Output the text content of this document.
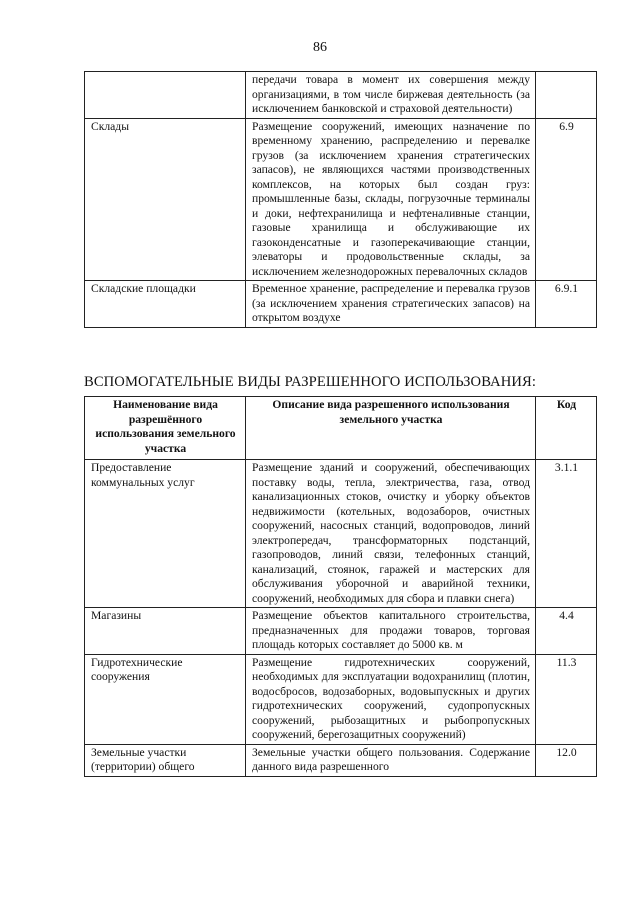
86
	передачи товара в момент их совершения между организациями, в том числе биржевая деятельность (за исключением банковской и страховой деятельности)	
Склады	Размещение сооружений, имеющих назначение по временному хранению, распределению и перевалке грузов (за исключением хранения стратегических запасов), не являющихся частями производственных комплексов, на которых был создан груз: промышленные базы, склады, погрузочные терминалы и доки, нефтехранилища и нефтеналивные станции, газовые хранилища и обслуживающие их газоконденсатные и газоперекачивающие станции, элеваторы и продовольственные склады, за исключением железнодорожных перевалочных складов	6.9
Складские площадки	Временное хранение, распределение и перевалка грузов (за исключением хранения стратегических запасов) на открытом воздухе	6.9.1
ВСПОМОГАТЕЛЬНЫЕ ВИДЫ РАЗРЕШЕННОГО ИСПОЛЬЗОВАНИЯ:
Наименование вида разрешённого использования земельного участка	Описание вида разрешенного использования земельного участка	Код
Предоставление коммунальных услуг	Размещение зданий и сооружений, обеспечивающих поставку воды, тепла, электричества, газа, отвод канализационных стоков, очистку и уборку объектов недвижимости (котельных, водозаборов, очистных сооружений, насосных станций, водопроводов, линий электропередач, трансформаторных подстанций, газопроводов, линий связи, телефонных станций, канализаций, стоянок, гаражей и мастерских для обслуживания уборочной и аварийной техники, сооружений, необходимых для сбора и плавки снега)	3.1.1
Магазины	Размещение объектов капитального строительства, предназначенных для продажи товаров, торговая площадь которых составляет до 5000 кв. м	4.4
Гидротехнические сооружения	Размещение гидротехнических сооружений, необходимых для эксплуатации водохранилищ (плотин, водосбросов, водозаборных, водовыпускных и других гидротехнических сооружений, судопропускных сооружений, рыбозащитных и рыбопропускных сооружений, берегозащитных сооружений)	11.3
Земельные участки (территории) общего	Земельные участки общего пользования. Содержание данного вида разрешенного	12.0
